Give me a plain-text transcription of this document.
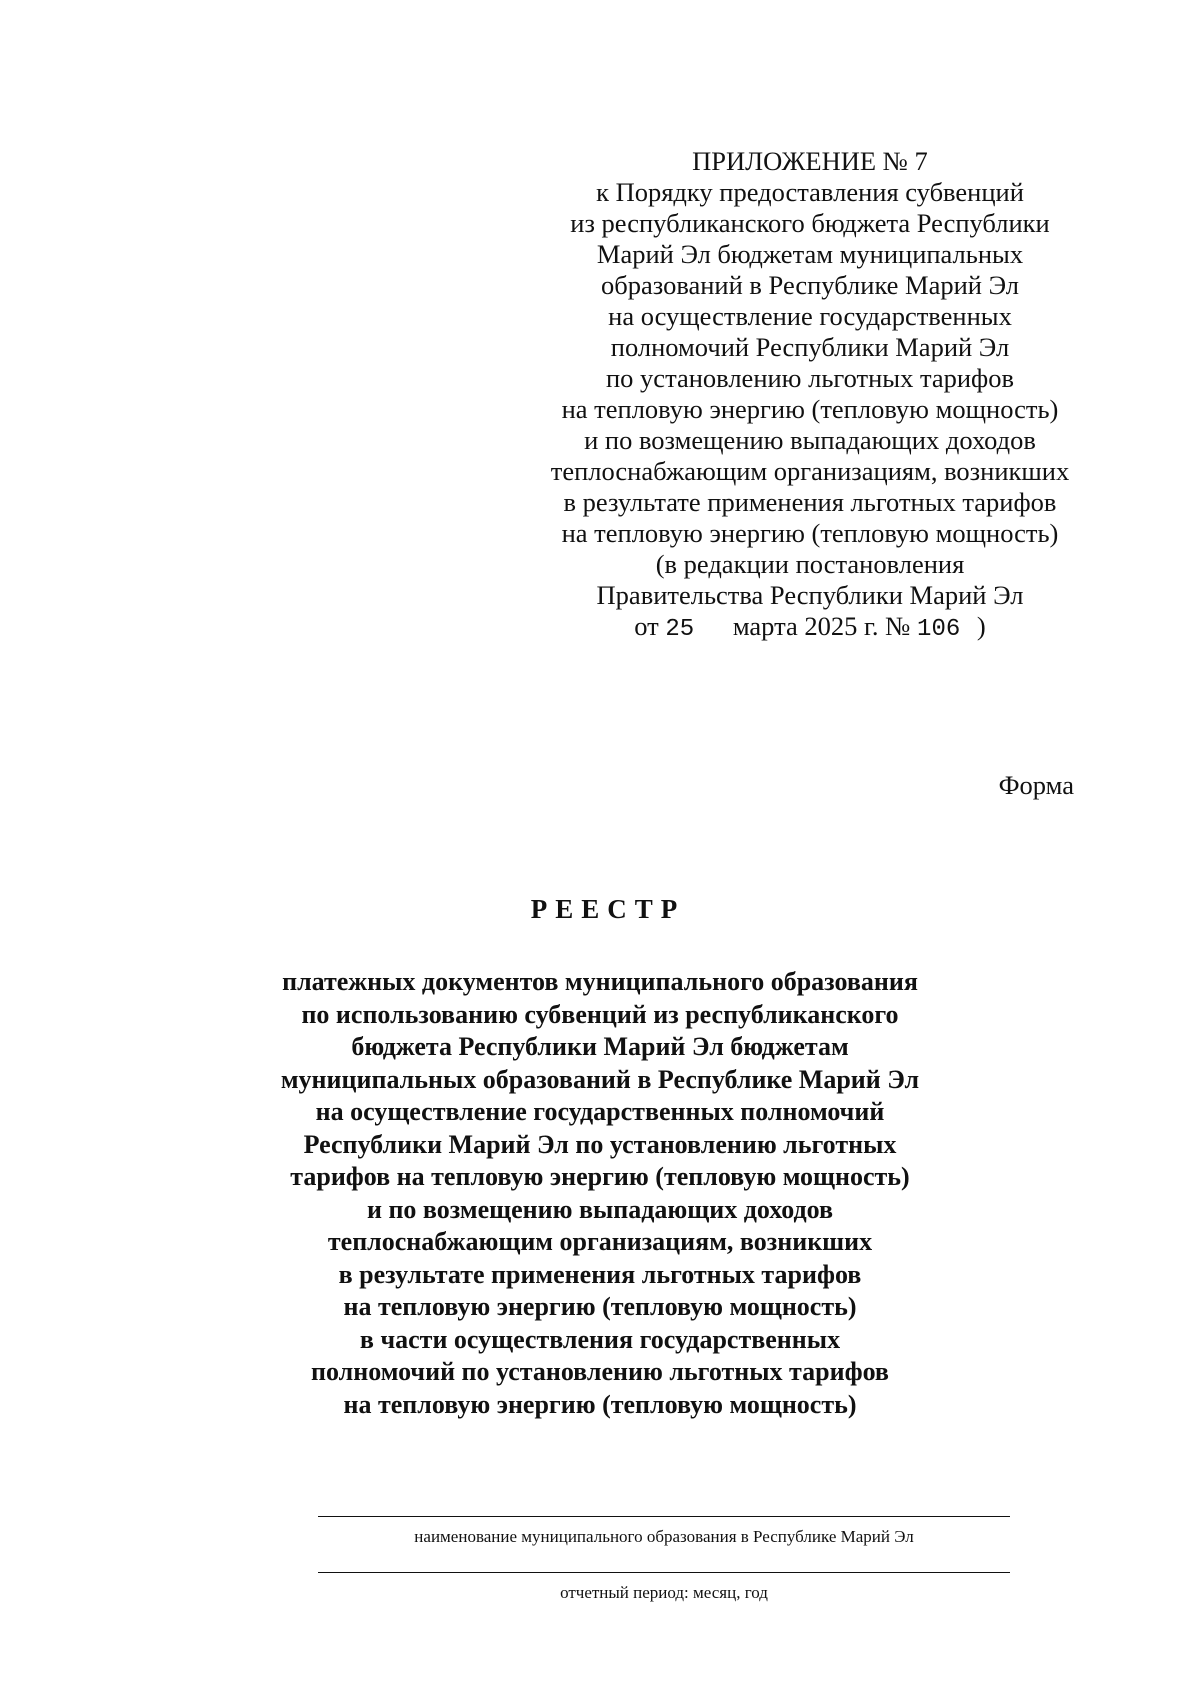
ПРИЛОЖЕНИЕ № 7
к Порядку предоставления субвенций
из республиканского бюджета Республики
Марий Эл бюджетам муниципальных
образований в Республике Марий Эл
на осуществление государственных
полномочий Республики Марий Эл
по установлению льготных тарифов
на тепловую энергию (тепловую мощность)
и по возмещению выпадающих доходов
теплоснабжающим организациям, возникших
в результате применения льготных тарифов
на тепловую энергию (тепловую мощность)
(в редакции постановления
Правительства Республики Марий Эл
от 25 марта 2025 г. № 106 )
Форма
РЕЕСТР
платежных документов муниципального образования
по использованию субвенций из республиканского
бюджета Республики Марий Эл бюджетам
муниципальных образований в Республике Марий Эл
на осуществление государственных полномочий
Республики Марий Эл по установлению льготных
тарифов на тепловую энергию (тепловую мощность)
и по возмещению выпадающих доходов
теплоснабжающим организациям, возникших
в результате применения льготных тарифов
на тепловую энергию (тепловую мощность)
в части осуществления государственных
полномочий по установлению льготных тарифов
на тепловую энергию (тепловую мощность)
наименование муниципального образования в Республике Марий Эл
отчетный период: месяц, год
